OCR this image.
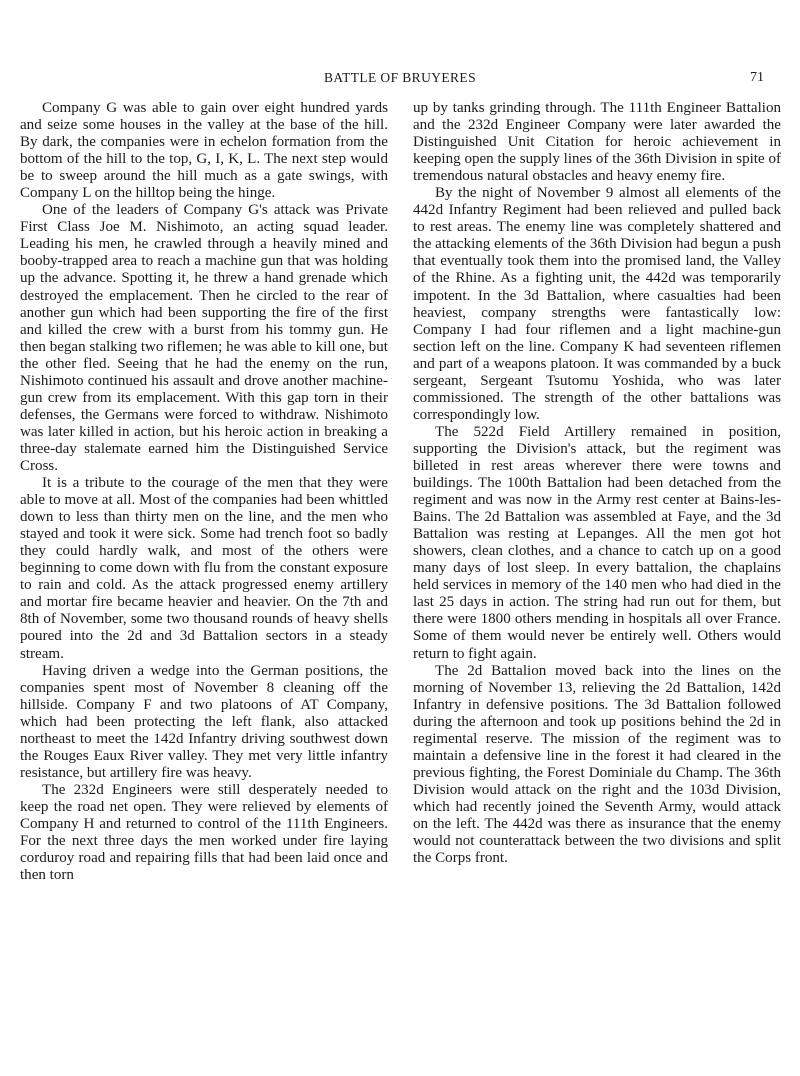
BATTLE OF BRUYERES	71

Company G was able to gain over eight hundred yards and seize some houses in the valley at the base of the hill. By dark, the companies were in echelon formation from the bottom of the hill to the top, G, I, K, L. The next step would be to sweep around the hill much as a gate swings, with Company L on the hilltop being the hinge.

One of the leaders of Company G's attack was Private First Class Joe M. Nishimoto, an acting squad leader. Leading his men, he crawled through a heavily mined and booby-trapped area to reach a machine gun that was holding up the advance. Spotting it, he threw a hand grenade which destroyed the emplacement. Then he circled to the rear of another gun which had been supporting the fire of the first and killed the crew with a burst from his tommy gun. He then began stalking two riflemen; he was able to kill one, but the other fled. Seeing that he had the enemy on the run, Nishimoto continued his assault and drove another machine-gun crew from its emplacement. With this gap torn in their defenses, the Germans were forced to withdraw. Nishimoto was later killed in action, but his heroic action in breaking a three-day stalemate earned him the Distinguished Service Cross.

It is a tribute to the courage of the men that they were able to move at all. Most of the companies had been whittled down to less than thirty men on the line, and the men who stayed and took it were sick. Some had trench foot so badly they could hardly walk, and most of the others were beginning to come down with flu from the constant exposure to rain and cold. As the attack progressed enemy artillery and mortar fire became heavier and heavier. On the 7th and 8th of November, some two thousand rounds of heavy shells poured into the 2d and 3d Battalion sectors in a steady stream.

Having driven a wedge into the German positions, the companies spent most of November 8 cleaning off the hillside. Company F and two platoons of AT Company, which had been protecting the left flank, also attacked northeast to meet the 142d Infantry driving southwest down the Rouges Eaux River valley. They met very little infantry resistance, but artillery fire was heavy.

The 232d Engineers were still desperately needed to keep the road net open. They were relieved by elements of Company H and returned to control of the 111th Engineers. For the next three days the men worked under fire laying corduroy road and repairing fills that had been laid once and then torn

up by tanks grinding through. The 111th Engineer Battalion and the 232d Engineer Company were later awarded the Distinguished Unit Citation for heroic achievement in keeping open the supply lines of the 36th Division in spite of tremendous natural obstacles and heavy enemy fire.

By the night of November 9 almost all elements of the 442d Infantry Regiment had been relieved and pulled back to rest areas. The enemy line was completely shattered and the attacking elements of the 36th Division had begun a push that eventually took them into the promised land, the Valley of the Rhine. As a fighting unit, the 442d was temporarily impotent. In the 3d Battalion, where casualties had been heaviest, company strengths were fantastically low: Company I had four riflemen and a light machine-gun section left on the line. Company K had seventeen riflemen and part of a weapons platoon. It was commanded by a buck sergeant, Sergeant Tsutomu Yoshida, who was later commissioned. The strength of the other battalions was correspondingly low.

The 522d Field Artillery remained in position, supporting the Division's attack, but the regiment was billeted in rest areas wherever there were towns and buildings. The 100th Battalion had been detached from the regiment and was now in the Army rest center at Bains-les-Bains. The 2d Battalion was assembled at Faye, and the 3d Battalion was resting at Lepanges. All the men got hot showers, clean clothes, and a chance to catch up on a good many days of lost sleep. In every battalion, the chaplains held services in memory of the 140 men who had died in the last 25 days in action. The string had run out for them, but there were 1800 others mending in hospitals all over France. Some of them would never be entirely well. Others would return to fight again.

The 2d Battalion moved back into the lines on the morning of November 13, relieving the 2d Battalion, 142d Infantry in defensive positions. The 3d Battalion followed during the afternoon and took up positions behind the 2d in regimental reserve. The mission of the regiment was to maintain a defensive line in the forest it had cleared in the previous fighting, the Forest Dominiale du Champ. The 36th Division would attack on the right and the 103d Division, which had recently joined the Seventh Army, would attack on the left. The 442d was there as insurance that the enemy would not counterattack between the two divisions and split the Corps front.
